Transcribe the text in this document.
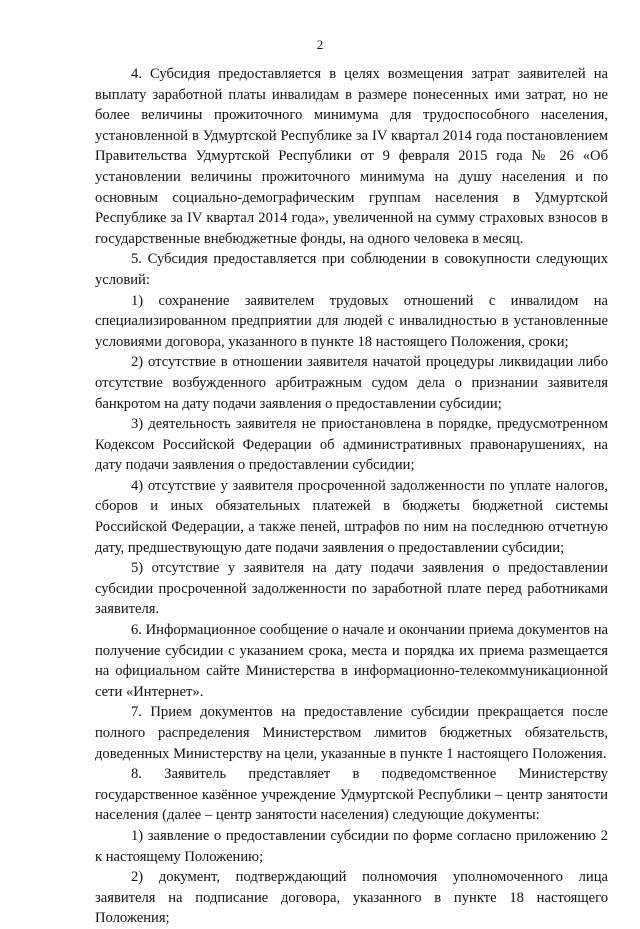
2

4. Субсидия предоставляется в целях возмещения затрат заявителей на выплату заработной платы инвалидам в размере понесенных ими затрат, но не более величины прожиточного минимума для трудоспособного населения, установленной в Удмуртской Республике за IV квартал 2014 года постановлением Правительства Удмуртской Республики от 9 февраля 2015 года № 26 «Об установлении величины прожиточного минимума на душу населения и по основным социально-демографическим группам населения в Удмуртской Республике за IV квартал 2014 года», увеличенной на сумму страховых взносов в государственные внебюджетные фонды, на одного человека в месяц.

5. Субсидия предоставляется при соблюдении в совокупности следующих условий:

1) сохранение заявителем трудовых отношений с инвалидом на специализированном предприятии для людей с инвалидностью в установленные условиями договора, указанного в пункте 18 настоящего Положения, сроки;

2) отсутствие в отношении заявителя начатой процедуры ликвидации либо отсутствие возбужденного арбитражным судом дела о признании заявителя банкротом на дату подачи заявления о предоставлении субсидии;

3) деятельность заявителя не приостановлена в порядке, предусмотренном Кодексом Российской Федерации об административных правонарушениях, на дату подачи заявления о предоставлении субсидии;

4) отсутствие у заявителя просроченной задолженности по уплате налогов, сборов и иных обязательных платежей в бюджеты бюджетной системы Российской Федерации, а также пеней, штрафов по ним на последнюю отчетную дату, предшествующую дате подачи заявления о предоставлении субсидии;

5) отсутствие у заявителя на дату подачи заявления о предоставлении субсидии просроченной задолженности по заработной плате перед работниками заявителя.

6. Информационное сообщение о начале и окончании приема документов на получение субсидии с указанием срока, места и порядка их приема размещается на официальном сайте Министерства в информационно-телекоммуникационной сети «Интернет».

7. Прием документов на предоставление субсидии прекращается после полного распределения Министерством лимитов бюджетных обязательств, доведенных Министерству на цели, указанные в пункте 1 настоящего Положения.

8. Заявитель представляет в подведомственное Министерству государственное казённое учреждение Удмуртской Республики – центр занятости населения (далее – центр занятости населения) следующие документы:

1) заявление о предоставлении субсидии по форме согласно приложению 2 к настоящему Положению;

2) документ, подтверждающий полномочия уполномоченного лица заявителя на подписание договора, указанного в пункте 18 настоящего Положения;
